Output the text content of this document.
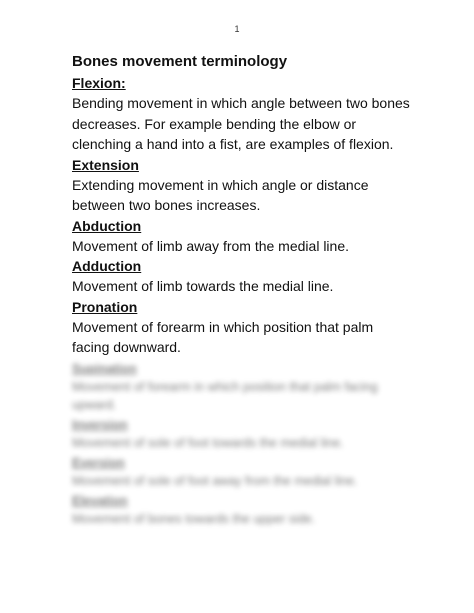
1
Bones movement terminology
Flexion:
Bending movement in which angle between two bones decreases. For example bending the elbow or clenching a hand into a fist, are examples of flexion.
Extension
Extending movement in which angle or distance between two bones increases.
Abduction
Movement of limb away from the medial line.
Adduction
Movement of limb towards the medial line.
Pronation
Movement of forearm in which position that palm facing downward.
Supination
Movement of forearm in which position that palm facing upward.
Inversion
Movement of sole of foot towards the medial line.
Eversion
Movement of sole of foot away from the medial line.
Elevation
Movement of bones towards the upper side.
